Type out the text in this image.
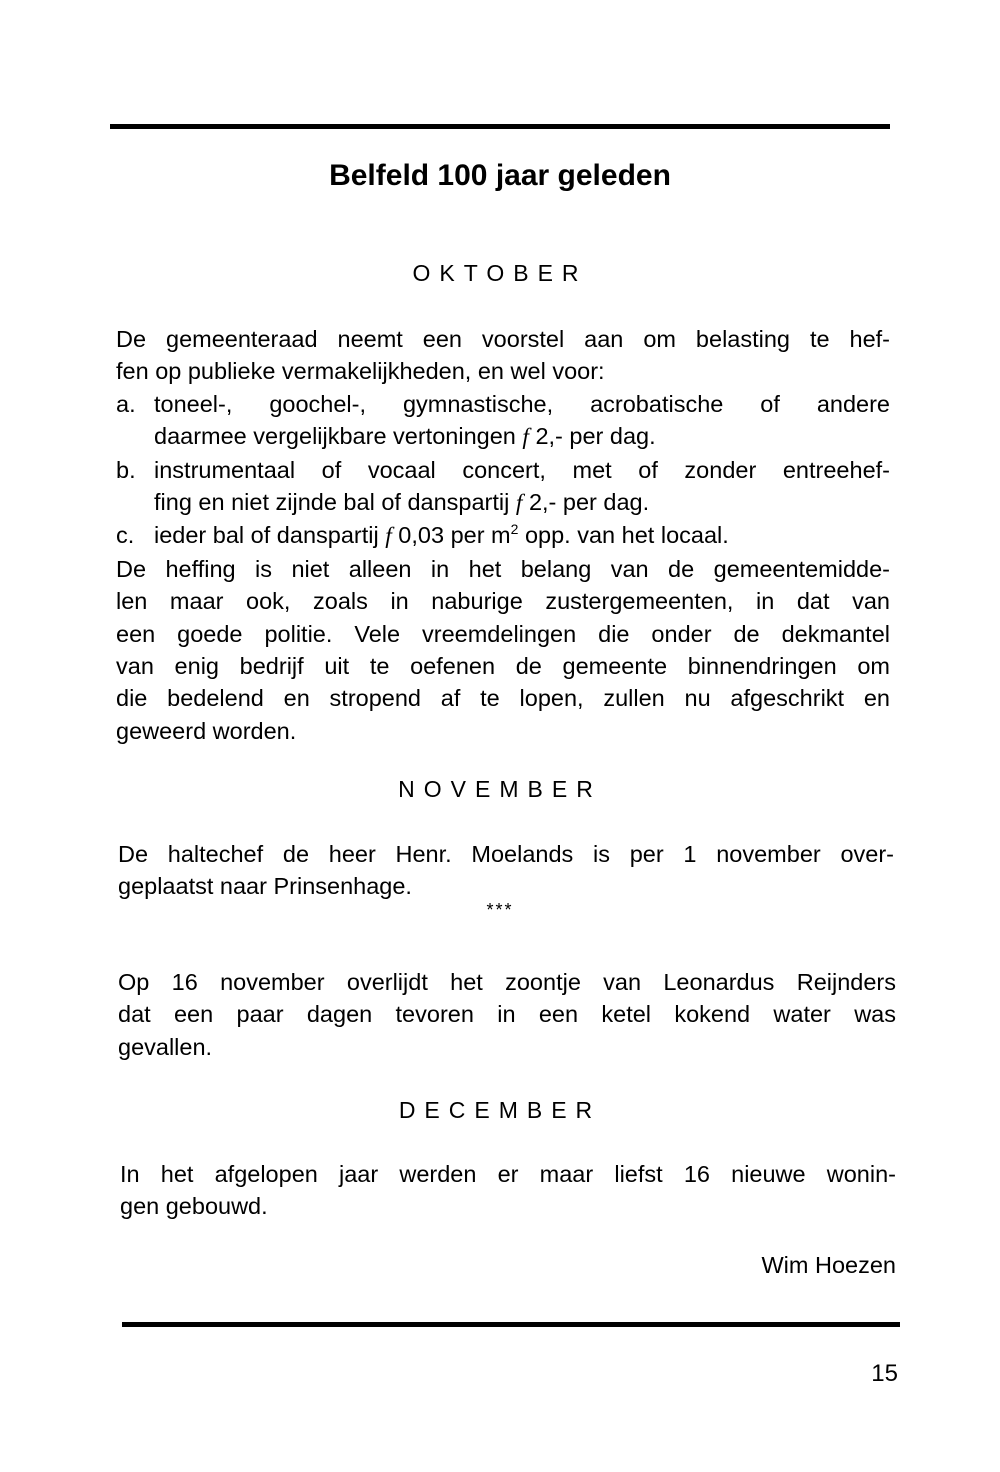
Belfeld 100 jaar geleden
OKTOBER
De gemeenteraad neemt een voorstel aan om belasting te hef-
fen op publieke vermakelijkheden, en wel voor:
a. toneel-, goochel-, gymnastische, acrobatische of andere
daarmee vergelijkbare vertoningen f 2,- per dag.
b. instrumentaal of vocaal concert, met of zonder entreehef-
fing en niet zijnde bal of danspartij f 2,- per dag.
c. ieder bal of danspartij f 0,03 per $m^2$ opp. van het locaal.
De heffing is niet alleen in het belang van de gemeentemidde-
len maar ook, zoals in naburige zustergemeenten, in dat van
een goede politie. Vele vreemdelingen die onder de dekmantel
van enig bedrijf uit te oefenen de gemeente binnendringen om
die bedelend en stropend af te lopen, zullen nu afgeschrikt en
geweerd worden.
NOVEMBER
De haltechef de heer Henr. Moelands is per 1 november over-
geplaatst naar Prinsenhage.
***
Op 16 november overlijdt het zoontje van Leonardus Reijnders
dat een paar dagen tevoren in een ketel kokend water was
gevallen.
DECEMBER
In het afgelopen jaar werden er maar liefst 16 nieuwe wonin-
gen gebouwd.
Wim Hoezen
15
